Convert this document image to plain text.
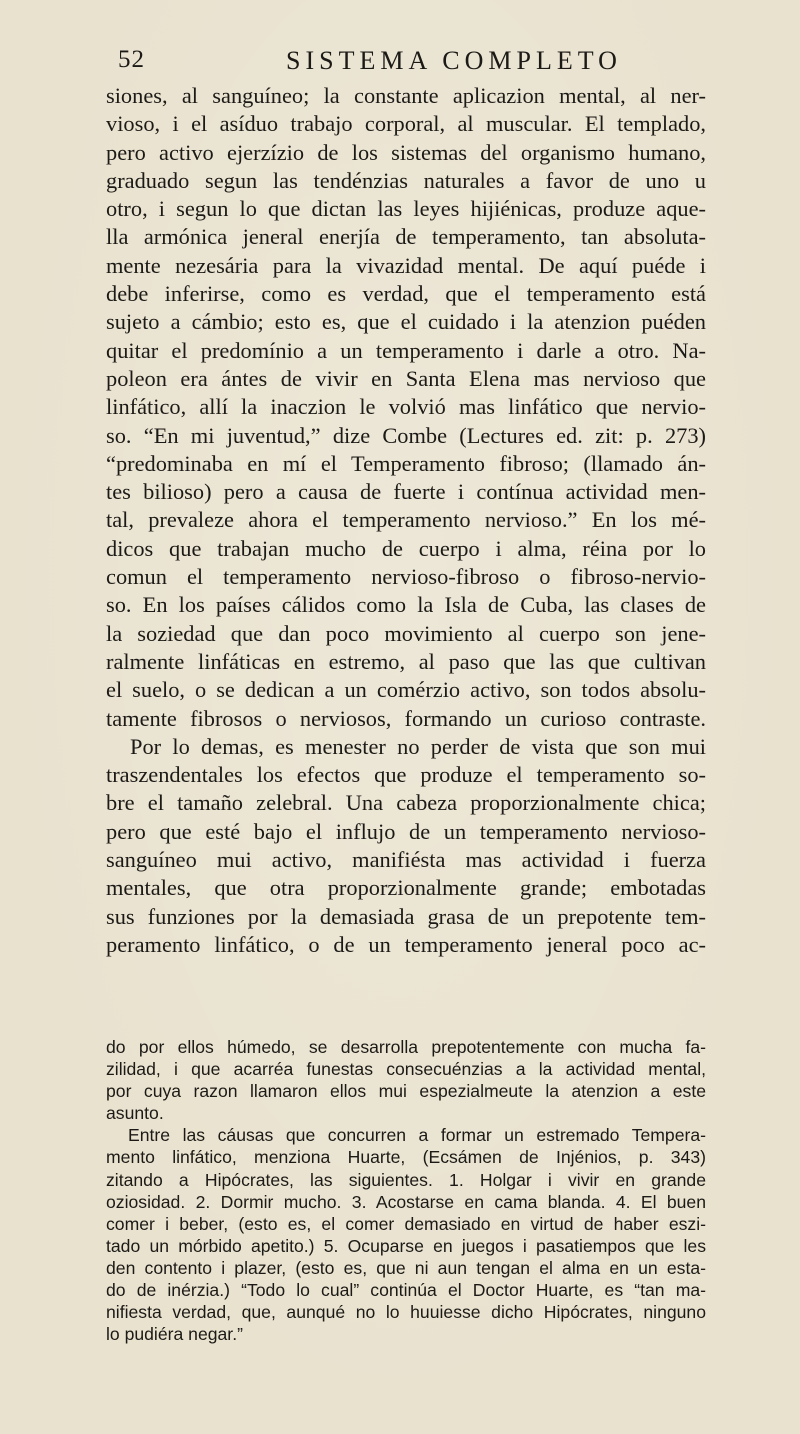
52	SISTEMA COMPLETO
siones, al sanguíneo; la constante aplicazion mental, al ner-
vioso, i el asíduo trabajo corporal, al muscular. El templado,
pero activo ejerzízio de los sistemas del organismo humano,
graduado segun las tendénzias naturales a favor de uno u
otro, i segun lo que dictan las leyes hijiénicas, produze aque-
lla armónica jeneral enerjía de temperamento, tan absoluta-
mente nezesária para la vivazidad mental. De aquí puéde i
debe inferirse, como es verdad, que el temperamento está
sujeto a cámbio; esto es, que el cuidado i la atenzion puéden
quitar el predomínio a un temperamento i darle a otro. Na-
poleon era ántes de vivir en Santa Elena mas nervioso que
linfático, allí la inaczion le volvió mas linfático que nervio-
so. “En mi juventud,” dize Combe (Lectures ed. zit: p. 273)
“predominaba en mí el Temperamento fibroso; (llamado án-
tes bilioso) pero a causa de fuerte i contínua actividad men-
tal, prevaleze ahora el temperamento nervioso.” En los mé-
dicos que trabajan mucho de cuerpo i alma, réina por lo
comun el temperamento nervioso-fibroso o fibroso-nervio-
so. En los países cálidos como la Isla de Cuba, las clases de
la soziedad que dan poco movimiento al cuerpo son jene-
ralmente linfáticas en estremo, al paso que las que cultivan
el suelo, o se dedican a un comérzio activo, son todos absolu-
tamente fibrosos o nerviosos, formando un curioso contraste.
Por lo demas, es menester no perder de vista que son mui
traszendentales los efectos que produze el temperamento so-
bre el tamaño zelebral. Una cabeza proporzionalmente chica;
pero que esté bajo el influjo de un temperamento nervioso-
sanguíneo mui activo, manifiésta mas actividad i fuerza
mentales, que otra proporzionalmente grande; embotadas
sus funziones por la demasiada grasa de un prepotente tem-
peramento linfático, o de un temperamento jeneral poco ac-
do por ellos húmedo, se desarrolla prepotentemente con mucha fa-
zilidad, i que acarréa funestas consecuénzias a la actividad mental,
por cuya razon llamaron ellos mui espezialmeute la atenzion a este
asunto.
Entre las cáusas que concurren a formar un estremado Tempera-
mento linfático, menziona Huarte, (Ecsámen de Injénios, p. 343)
zitando a Hipócrates, las siguientes. 1. Holgar i vivir en grande
oziosidad. 2. Dormir mucho. 3. Acostarse en cama blanda. 4. El buen
comer i beber, (esto es, el comer demasiado en virtud de haber eszi-
tado un mórbido apetito.) 5. Ocuparse en juegos i pasatiempos que les
den contento i plazer, (esto es, que ni aun tengan el alma en un esta-
do de inérzia.) “Todo lo cual” continúa el Doctor Huarte, es “tan ma-
nifiesta verdad, que, aunqué no lo huuiesse dicho Hipócrates, ninguno
lo pudiéra negar.”
